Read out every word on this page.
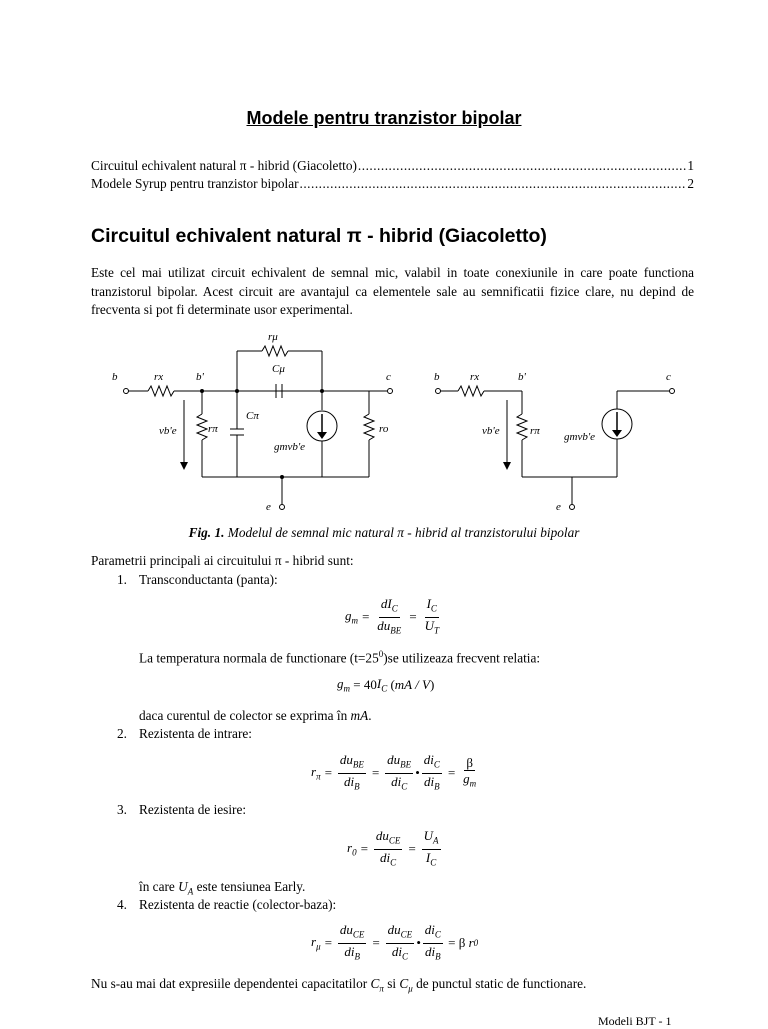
Modele pentru tranzistor bipolar
Circuitul echivalent natural π - hibrid (Giacoletto) .....	1
Modele Syrup pentru tranzistor bipolar .....	2
Circuitul echivalent natural π - hibrid (Giacoletto)
Este cel mai utilizat circuit echivalent de semnal mic, valabil in toate conexiunile in care poate functiona tranzistorul bipolar. Acest circuit are avantajul ca elementele sale au semnificatii fizice clare, nu depind de frecventa si pot fi determinate usor experimental.
b	rx	b'
rμ
Cμ
c
Cπ
rπ
vb'e
gmvb'e
ro
e
b	rx	b'	c
rπ
vb'e	gmvb'e
e
Fig. 1. Modelul de semnal mic natural π - hibrid al tranzistorului bipolar
Parametrii principali ai circuitului π - hibrid sunt:
1. Transconductanta (panta):
$g_m = \frac{dI_C}{du_{BE}} = \frac{I_C}{U_T}$
La temperatura normala de functionare $(t=25^0)se$ utilizeaza frecvent relatia:
$g_m$
= 40 $I_C$
( mA / V )
daca curentul de colector se exprima în mA.
2. Rezistenta de intrare:
$r_\pi = \frac{du_{BE}}{di_B} = \frac{du_{BE}}{di_C}$ • $\frac{di_C}{di_B} = \frac{\beta}{g_m}$
3. Rezistenta de iesire:
$r_0 = \frac{du_{CE}}{di_C} = \frac{U_A}{I_C}$
în care $U_A$ este tensiunea Early.
4. Rezistenta de reactie (colector-baza):
$r_\mu = \frac{du_{CE}}{di_B} = \frac{du_{CE}}{di_C}$ • $\frac{di_C}{di_B}$
= β r 0
Nu s-au mai dat expresiile dependentei capacitatilor $C_\pi$ si $C_\mu$ de punctul static de functionare.
Modeli BJT - 1
